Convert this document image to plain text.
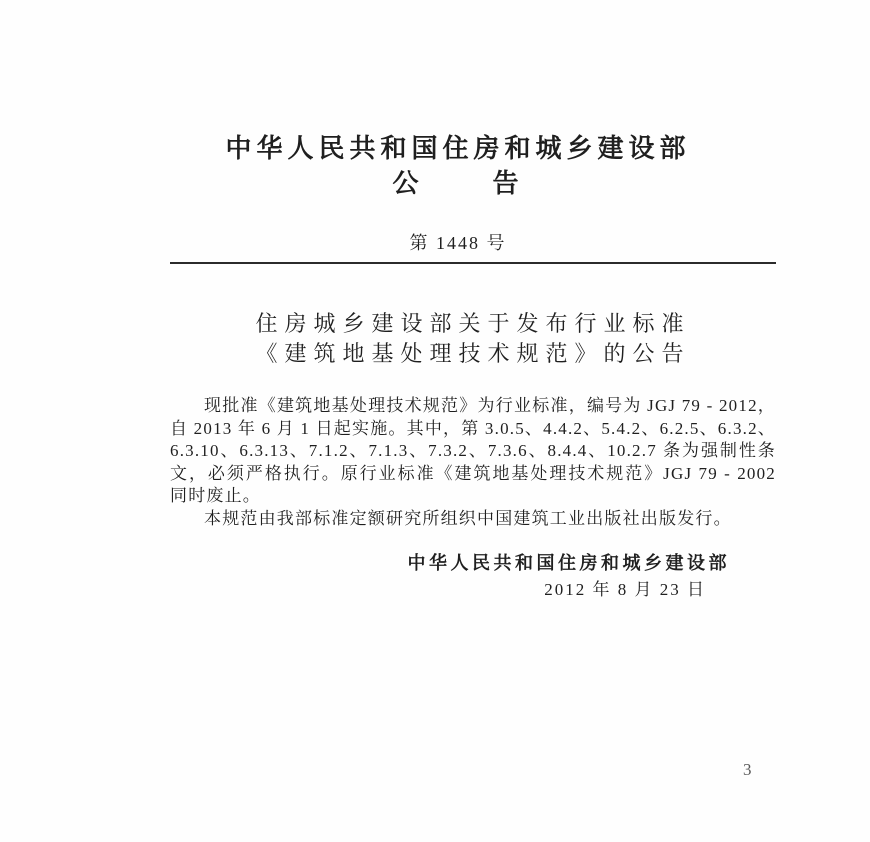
中华人民共和国住房和城乡建设部
公      告
第 1448 号
住房城乡建设部关于发布行业标准
《建筑地基处理技术规范》的公告

现批准《建筑地基处理技术规范》为行业标准，编号为 JGJ 79 - 2012，自 2013 年 6 月 1 日起实施。其中，第 3.0.5、4.4.2、5.4.2、6.2.5、6.3.2、6.3.10、6.3.13、7.1.2、7.1.3、7.3.2、7.3.6、8.4.4、10.2.7 条为强制性条文，必须严格执行。原行业标准《建筑地基处理技术规范》JGJ 79 - 2002 同时废止。

本规范由我部标准定额研究所组织中国建筑工业出版社出版发行。

中华人民共和国住房和城乡建设部
2012 年 8 月 23 日
3
